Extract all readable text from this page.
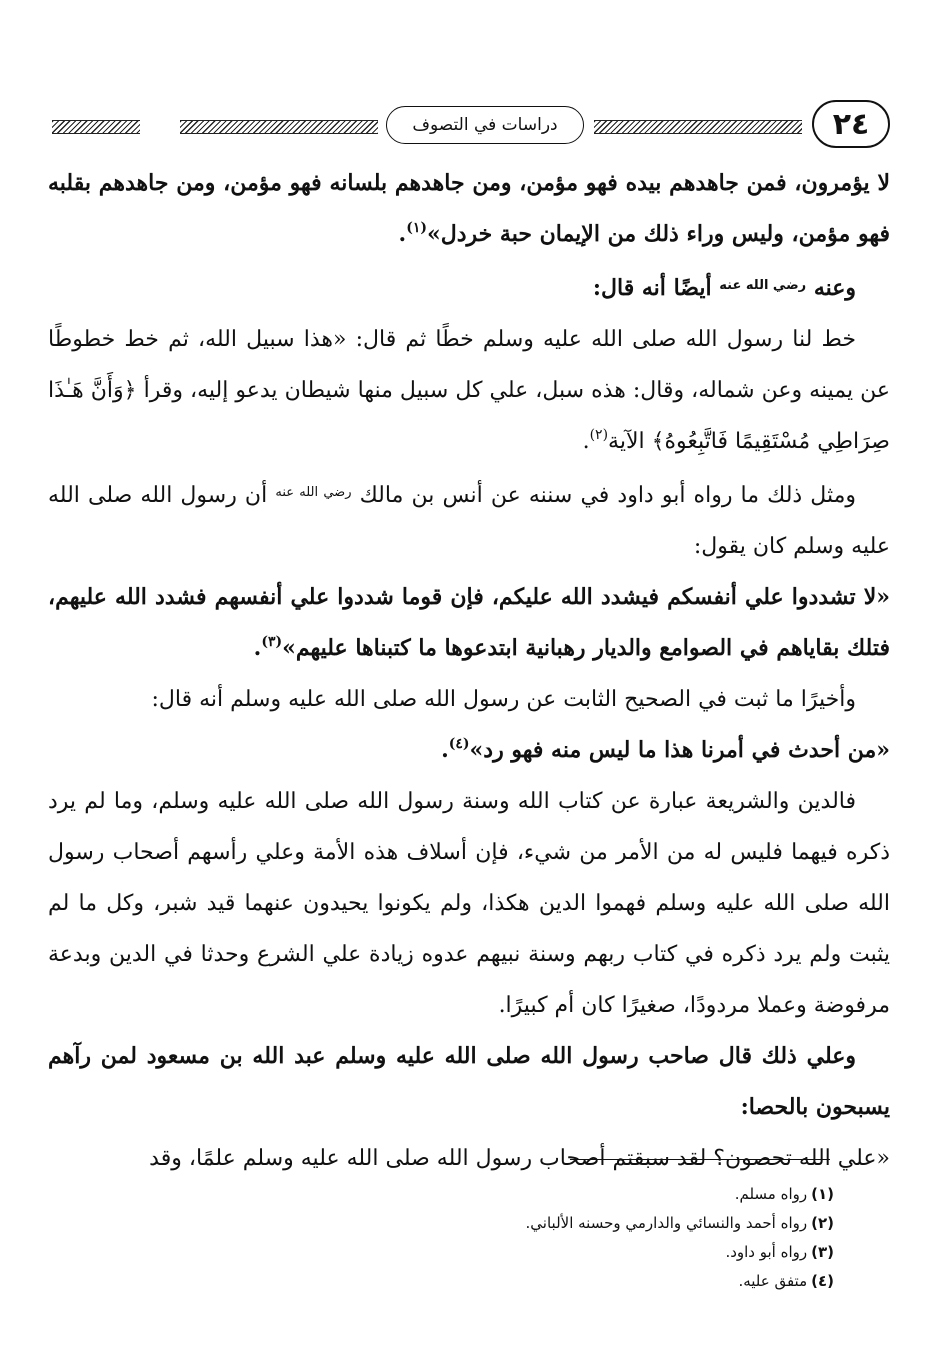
دراسات في التصوف	٢٤

لا يؤمرون، فمن جاهدهم بيده فهو مؤمن، ومن جاهدهم بلسانه فهو مؤمن، ومن جاهدهم بقلبه فهو مؤمن، وليس وراء ذلك من الإيمان حبة خردل»$^{(١)}$.

وعنه $^{رضي الله عنه}$ أيضًا أنه قال:

خط لنا رسول الله صلى الله عليه وسلم خطًا ثم قال: «هذا سبيل الله، ثم خط خطوطًا عن يمينه وعن شماله، وقال: هذه سبل، علي كل سبيل منها شيطان يدعو إليه، وقرأ ﴿وَأَنَّ هَـٰذَا صِرَاطِي مُسْتَقِيمًا فَاتَّبِعُوهُ﴾ الآية$^{(٢)}$.

ومثل ذلك ما رواه أبو داود في سننه عن أنس بن مالك $^{رضي الله عنه}$ أن رسول الله صلى الله عليه وسلم كان يقول:

«لا تشددوا علي أنفسكم فيشدد الله عليكم، فإن قوما شددوا علي أنفسهم فشدد الله عليهم، فتلك بقاياهم في الصوامع والديار رهبانية ابتدعوها ما كتبناها عليهم»$^{(٣)}$.

وأخيرًا ما ثبت في الصحيح الثابت عن رسول الله صلى الله عليه وسلم أنه قال:

«من أحدث في أمرنا هذا ما ليس منه فهو رد»$^{(٤)}$.

فالدين والشريعة عبارة عن كتاب الله وسنة رسول الله صلى الله عليه وسلم، وما لم يرد ذكره فيهما فليس له من الأمر من شيء، فإن أسلاف هذه الأمة وعلي رأسهم أصحاب رسول الله صلى الله عليه وسلم فهموا الدين هكذا، ولم يكونوا يحيدون عنهما قيد شبر، وكل ما لم يثبت ولم يرد ذكره في كتاب ربهم وسنة نبيهم عدوه زيادة علي الشرع وحدثا في الدين وبدعة مرفوضة وعملا مردودًا، صغيرًا كان أم كبيرًا.

وعلي ذلك قال صاحب رسول الله صلى الله عليه وسلم عبد الله بن مسعود لمن رآهم يسبحون بالحصا:

«علي الله تحصون؟ لقد سبقتم أصحاب رسول الله صلى الله عليه وسلم علمًا، وقد

(١)رواه مسلم.

(٢)رواه أحمد والنسائي والدارمي وحسنه الألباني.

(٣)رواه أبو داود.

(٤)متفق عليه.
